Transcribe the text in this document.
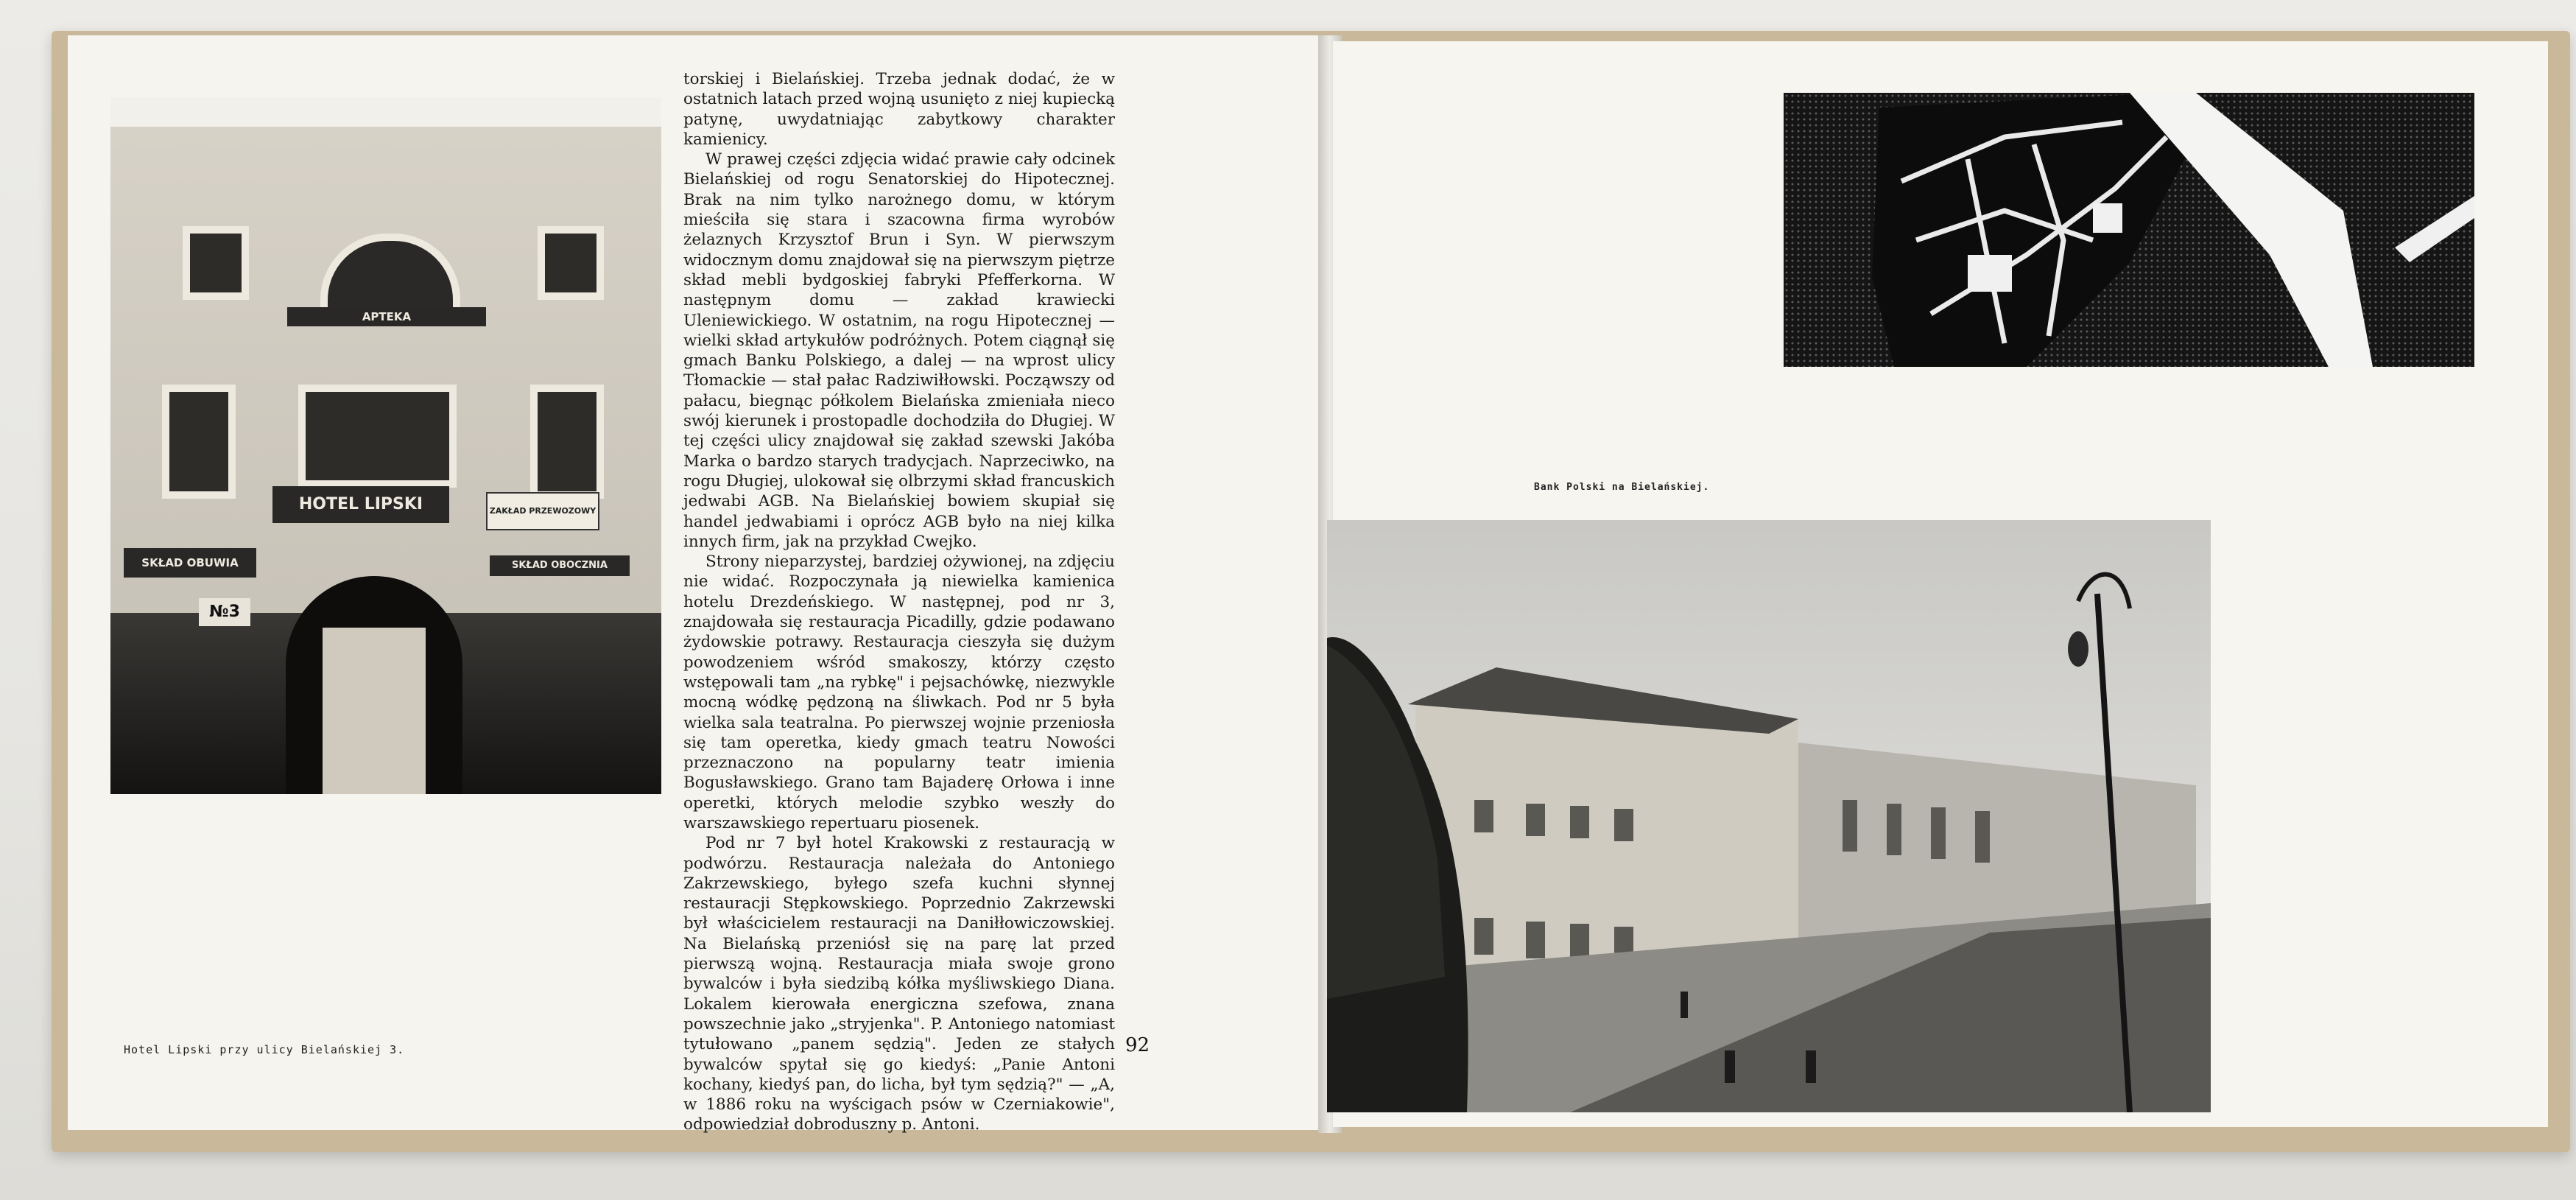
APTEKA
HOTEL LIPSKI	ZAKŁAD PRZEWOZOWY
SKŁAD OBUWIA	SKŁAD OBOCZNIA
№3

torskiej i Bielańskiej. Trzeba jednak dodać, że w ostatnich latach przed wojną usunięto z niej kupiecką patynę, uwydatniając zabytkowy charakter kamienicy.

W prawej części zdjęcia widać prawie cały odcinek Bielańskiej od rogu Senatorskiej do Hipotecznej. Brak na nim tylko narożnego domu, w którym mieściła się stara i szacowna firma wyrobów żelaznych Krzysztof Brun i Syn. W pierwszym widocznym domu znajdował się na pierwszym piętrze skład mebli bydgoskiej fabryki Pfefferkorna. W następnym domu — zakład krawiecki Uleniewickiego. W ostatnim, na rogu Hipotecznej — wielki skład artykułów podróżnych. Potem ciągnął się gmach Banku Polskiego, a dalej — na wprost ulicy Tłomackie — stał pałac Radziwiłłowski. Począwszy od pałacu, biegnąc półkolem Bielańska zmieniała nieco swój kierunek i prostopadle dochodziła do Długiej. W tej części ulicy znajdował się zakład szewski Jakóba Marka o bardzo starych tradycjach. Naprzeciwko, na rogu Długiej, ulokował się olbrzymi skład francuskich jedwabi AGB. Na Bielańskiej bowiem skupiał się handel jedwabiami i oprócz AGB było na niej kilka innych firm, jak na przykład Cwejko.

Strony nieparzystej, bardziej ożywionej, na zdjęciu nie widać. Rozpoczynała ją niewielka kamienica hotelu Drezdeńskiego. W następnej, pod nr 3, znajdowała się restauracja Picadilly, gdzie podawano żydowskie potrawy. Restauracja cieszyła się dużym powodzeniem wśród smakoszy, którzy często wstępowali tam „na rybkę" i pejsachówkę, niezwykle mocną wódkę pędzoną na śliwkach. Pod nr 5 była wielka sala teatralna. Po pierwszej wojnie przeniosła się tam operetka, kiedy gmach teatru Nowości przeznaczono na popularny teatr imienia Bogusławskiego. Grano tam Bajaderę Orłowa i inne operetki, których melodie szybko weszły do warszawskiego repertuaru piosenek.

Pod nr 7 był hotel Krakowski z restauracją w podwórzu. Restauracja należała do Antoniego Zakrzewskiego, byłego szefa kuchni słynnej restauracji Stępkowskiego. Poprzednio Zakrzewski był właścicielem restauracji na Daniłłowiczowskiej. Na Bielańską przeniósł się na parę lat przed pierwszą wojną. Restauracja miała swoje grono bywalców i była siedzibą kółka myśliwskiego Diana. Lokalem kierowała energiczna szefowa, znana powszechnie jako „stryjenka". P. Antoniego natomiast tytułowano „panem sędzią". Jeden ze stałych bywalców spytał się go kiedyś: „Panie Antoni kochany, kiedyś pan, do licha, był tym sędzią?" — „A, w 1886 roku na wyścigach psów w Czerniakowie", odpowiedział dobroduszny p. Antoni.

Hotel Lipski przy ulicy Bielańskiej 3.	92
Bank Polski na Bielańskiej.
